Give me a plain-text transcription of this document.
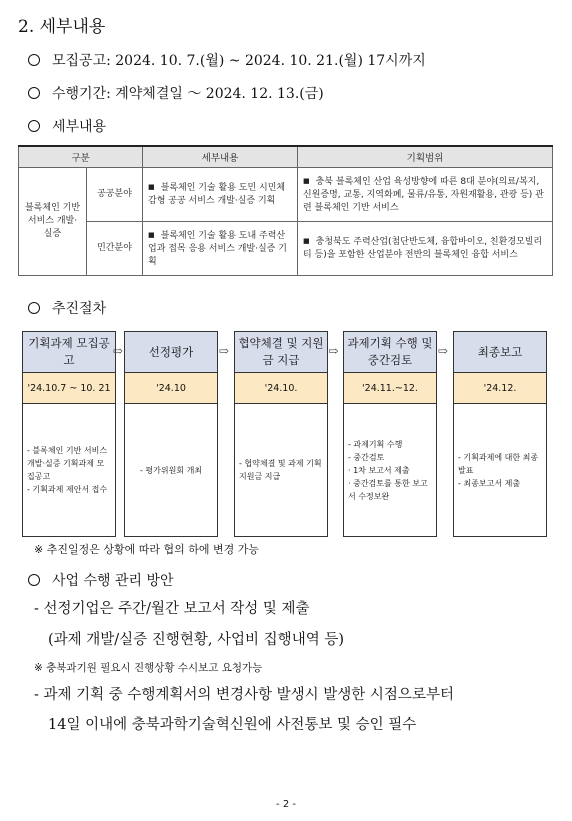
2. 세부내용
모집공고: 2024. 10. 7.(월) ~ 2024. 10. 21.(월) 17시까지
수행기간: 계약체결일 ～ 2024. 12. 13.(금)
세부내용
구분		세부내용	기획범위
블록체인 기반 서비스 개발·실증	공공분야	■ 블록체인 기술 활용 도민 시민체감형 공공 서비스 개발·실증 기획	■ 충북 블록체인 산업 육성방향에 따른 8대 분야(의료/복지, 신원증명, 교통, 지역화폐, 물류/유통, 자원재활용, 관광 등) 관련 블록체인 기반 서비스

	민간분야	■ 블록체인 기술 활용 도내 주력산업과 접목 응용 서비스 개발·실증 기획	■ 충청북도 주력산업(첨단반도체, 융합바이오, 친환경모빌리티 등)을 포함한 산업분야 전반의 블록체인 융합 서비스
추진절차
기획과제 모집공고
'24.10.7 ~ 10. 21
- 블록체인 기반 서비스 개발·실증 기획과제 모집공고
- 기획과제 제안서 접수
⇨	선정평가
'24.10
- 평가위원회 개최
⇨
협약체결 및 지원금 지급
'24.10.
- 협약체결 및 과제 기획지원금 지급
⇨
과제기획 수행 및 중간검토
'24.11.~12.
- 과제기획 수행
- 중간검토
· 1차 보고서 제출
· 중간검토를 통한 보고서 수정보완
⇨	최종보고
'24.12.
- 기획과제에 대한 최종발표
- 최종보고서 제출
※ 추진일정은 상황에 따라 협의 하에 변경 가능
사업 수행 관리 방안
- 선정기업은 주간/월간 보고서 작성 및 제출
(과제 개발/실증 진행현황, 사업비 집행내역 등)
※ 충북과기원 필요시 진행상황 수시보고 요청가능
- 과제 기획 중 수행계획서의 변경사항 발생시 발생한 시점으로부터
14일 이내에 충북과학기술혁신원에 사전통보 및 승인 필수
- 2 -
